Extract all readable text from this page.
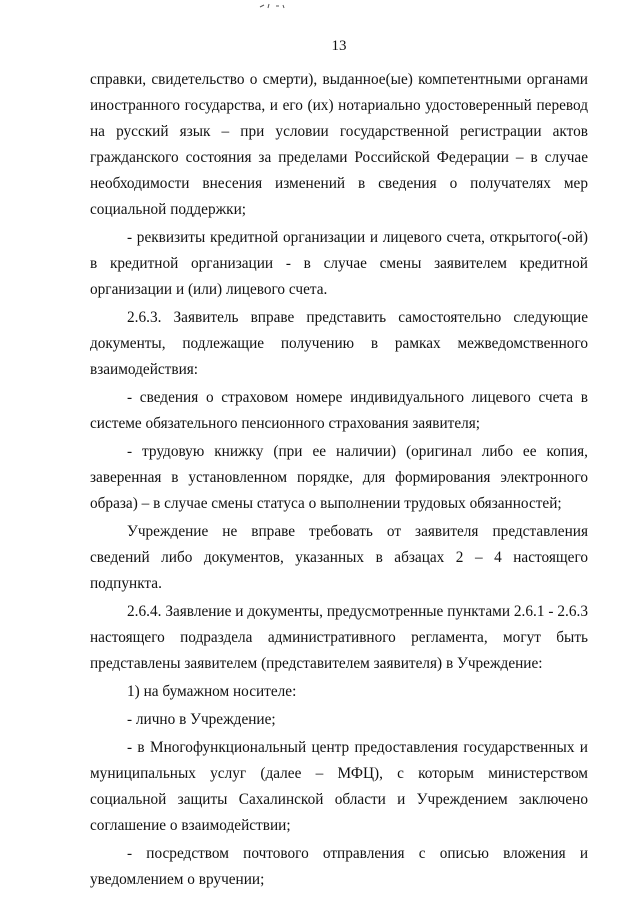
13

справки, свидетельство о смерти), выданное(ые) компетентными органами иностранного государства, и его (их) нотариально удостоверенный перевод на русский язык – при условии государственной регистрации актов гражданского состояния за пределами Российской Федерации – в случае необходимости внесения изменений в сведения о получателях мер социальной поддержки;

- реквизиты кредитной организации и лицевого счета, открытого(-ой) в кредитной организации - в случае смены заявителем кредитной организации и (или) лицевого счета.

2.6.3. Заявитель вправе представить самостоятельно следующие документы, подлежащие получению в рамках межведомственного взаимодействия:

- сведения о страховом номере индивидуального лицевого счета в системе обязательного пенсионного страхования заявителя;

- трудовую книжку (при ее наличии) (оригинал либо ее копия, заверенная в установленном порядке, для формирования электронного образа) – в случае смены статуса о выполнении трудовых обязанностей;

Учреждение не вправе требовать от заявителя представления сведений либо документов, указанных в абзацах 2 – 4 настоящего подпункта.

2.6.4. Заявление и документы, предусмотренные пунктами 2.6.1 - 2.6.3 настоящего подраздела административного регламента, могут быть представлены заявителем (представителем заявителя) в Учреждение:

1) на бумажном носителе:

- лично в Учреждение;

- в Многофункциональный центр предоставления государственных и муниципальных услуг (далее – МФЦ), с которым министерством социальной защиты Сахалинской области и Учреждением заключено соглашение о взаимодействии;

- посредством почтового отправления с описью вложения и уведомлением о вручении;
